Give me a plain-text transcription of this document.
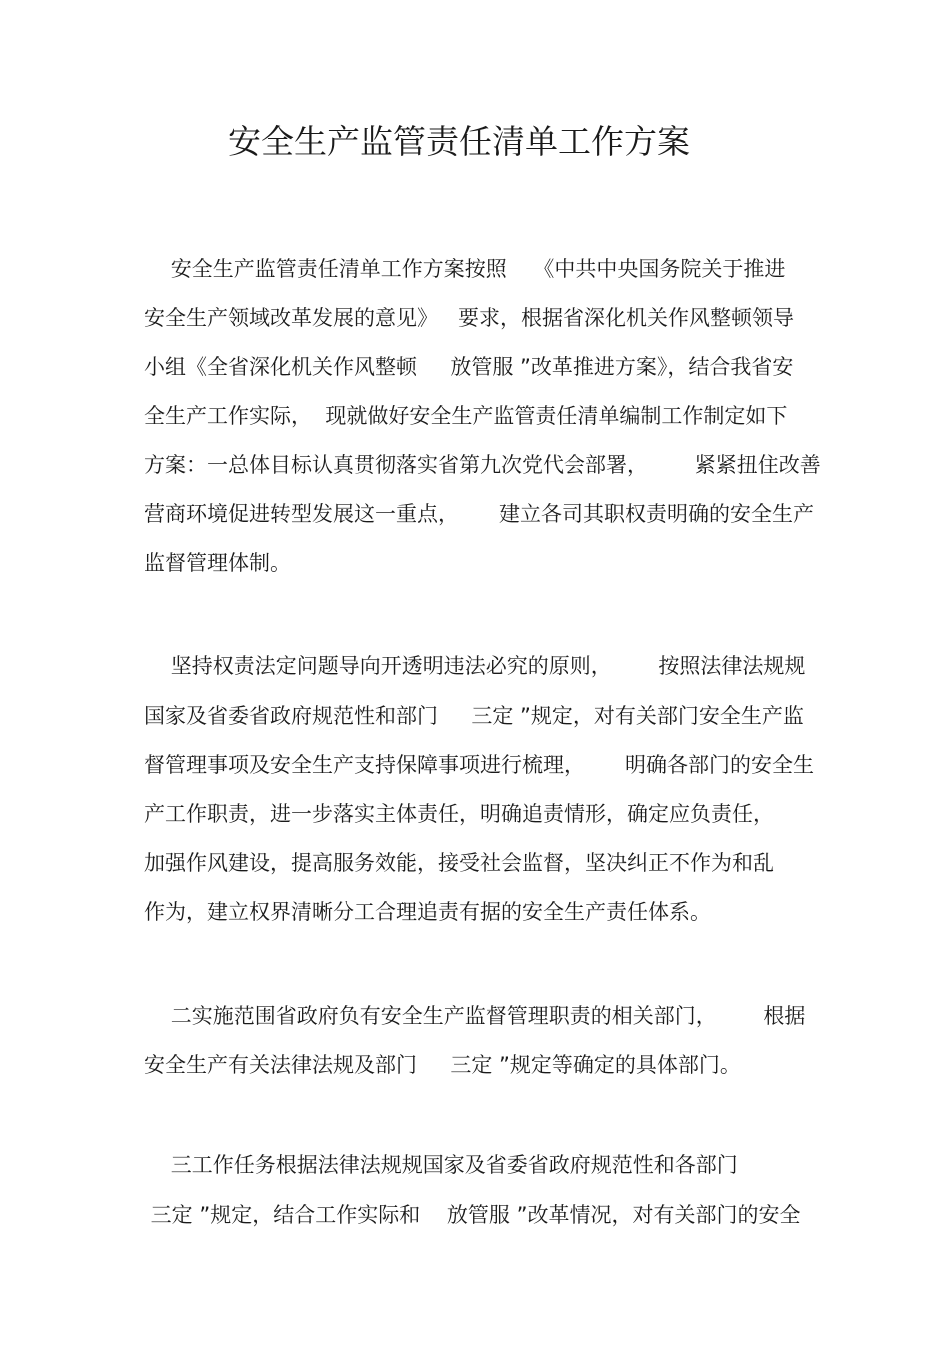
安全生产监管责任清单工作方案

安全生产监管责任清单工作方案按照    《中共中央国务院关于推进

安全生产领域改革发展的意见》   要求，根据省深化机关作风整顿领导

小组《全省深化机关作风整顿     放管服 ”改革推进方案》，结合我省安

全生产工作实际，  现就做好安全生产监管责任清单编制工作制定如下

方案：一总体目标认真贯彻落实省第九次党代会部署，       紧紧扭住改善

营商环境促进转型发展这一重点，      建立各司其职权责明确的安全生产

监督管理体制。

坚持权责法定问题导向开透明违法必究的原则，       按照法律法规规

国家及省委省政府规范性和部门     三定 ”规定，对有关部门安全生产监

督管理事项及安全生产支持保障事项进行梳理，      明确各部门的安全生

产工作职责，进一步落实主体责任，明确追责情形，确定应负责任，

加强作风建设，提高服务效能，接受社会监督，坚决纠正不作为和乱

作为，建立权界清晰分工合理追责有据的安全生产责任体系。

二实施范围省政府负有安全生产监督管理职责的相关部门，       根据

安全生产有关法律法规及部门     三定 ”规定等确定的具体部门。

三工作任务根据法律法规规国家及省委省政府规范性和各部门

三定 ”规定，结合工作实际和    放管服 ”改革情况，对有关部门的安全
